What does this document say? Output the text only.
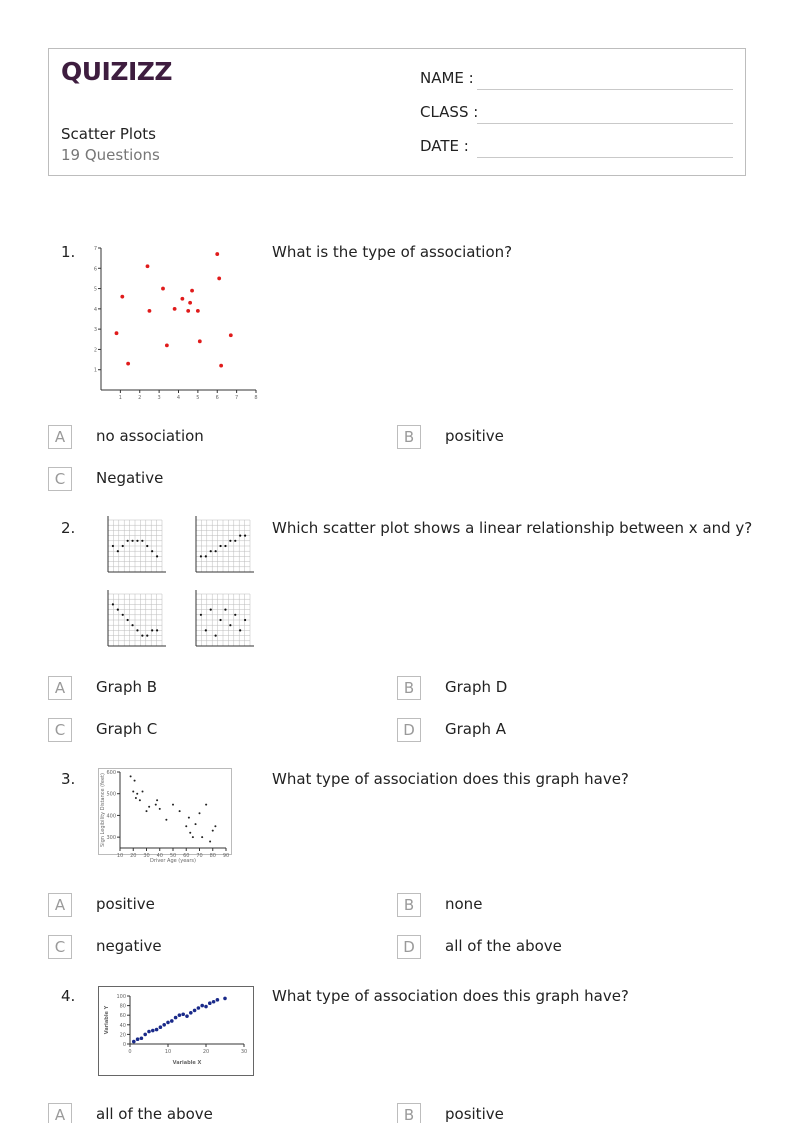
QUIZIZZ
Scatter Plots
19 Questions
NAME :
CLASS :
DATE :
1.
1	2	3	4	5	6	7	8
1
2
3
4
5
6
7	What is the type of association?
A	no association	B	positive
C	Negative
2.	Which scatter plot shows a linear relationship between x and y?
A	Graph B	B	Graph D
C	Graph C	D	Graph A
3.
10 20 30 40 50 60 70 80 90
300
400
500
600
Driver Age (years)
Sign Legibility Distance (feet)	What type of association does this graph have?
A	positive	B	none
C	negative	D	all of the above
4.
0	10	20	30
0
20
40
60
80
100
Variable X
Variable Y
What type of association does this graph have?
A	all of the above	B	positive
